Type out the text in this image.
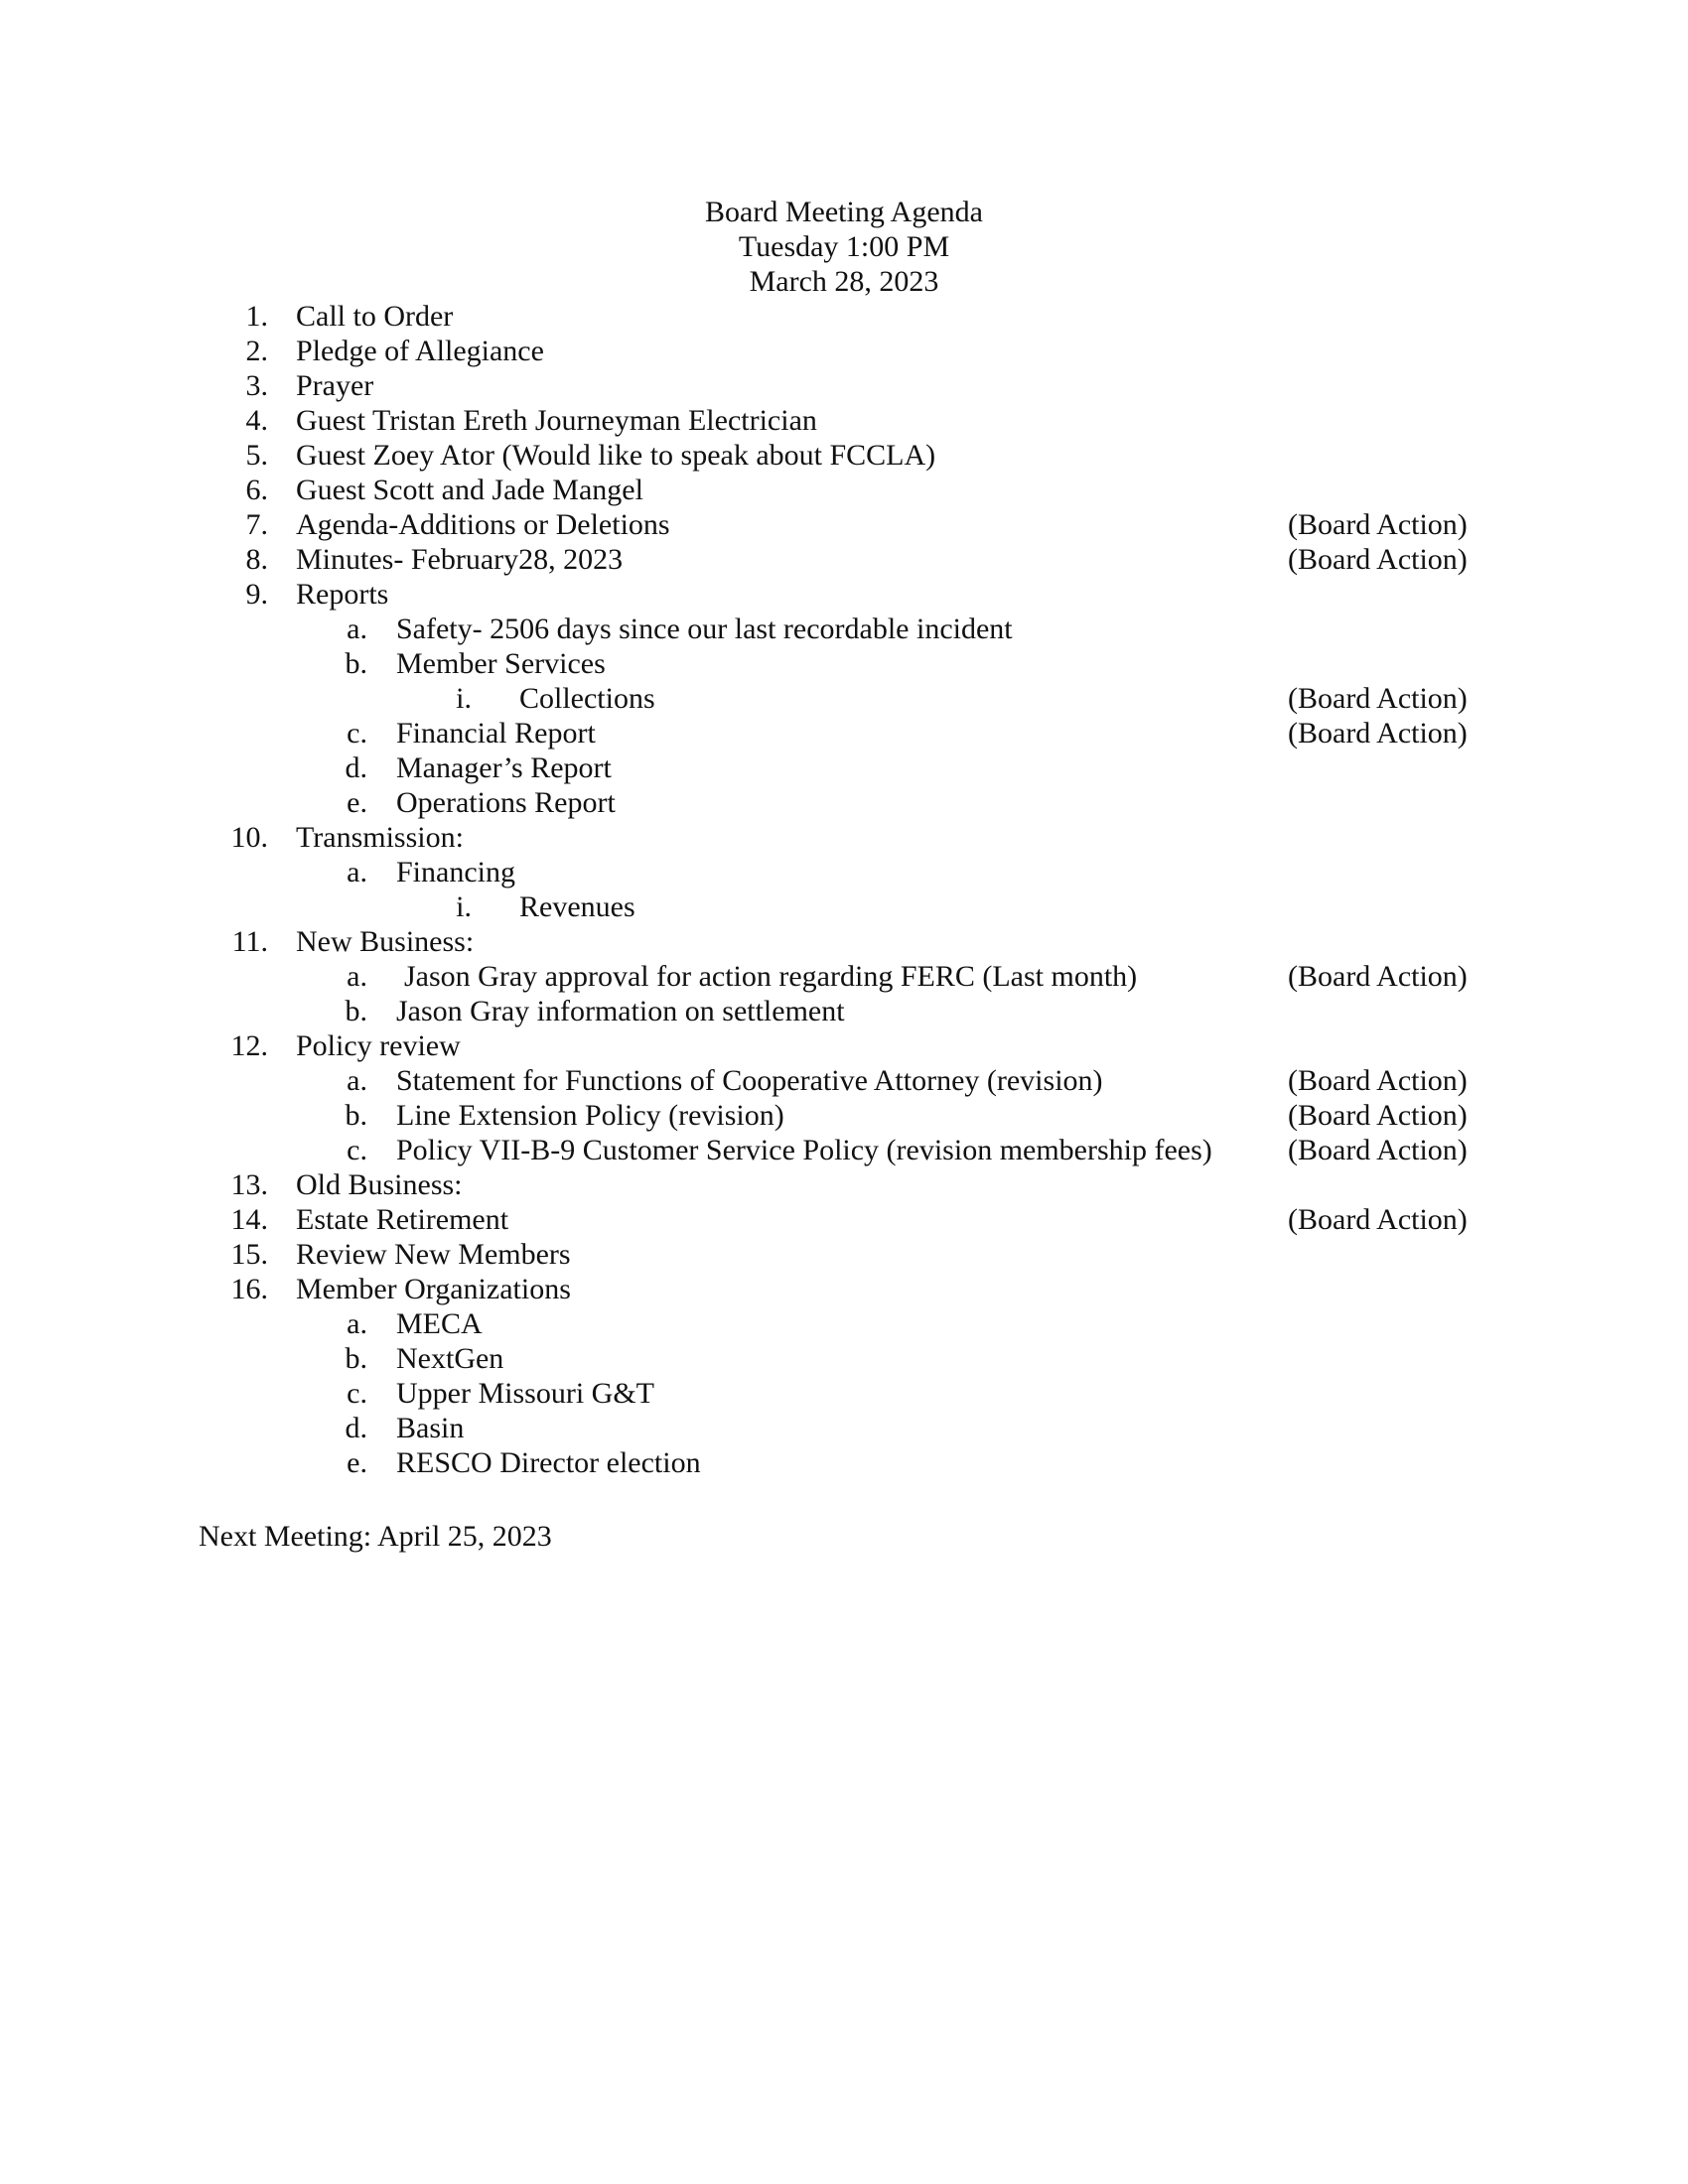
Board Meeting Agenda
Tuesday 1:00 PM
March 28, 2023
1. Call to Order
2. Pledge of Allegiance
3. Prayer
4. Guest Tristan Ereth Journeyman Electrician
5. Guest Zoey Ator (Would like to speak about FCCLA)
6. Guest Scott and Jade Mangel
7. Agenda-Additions or Deletions	(Board Action)
8. Minutes- February28, 2023	(Board Action)
9. Reports
a. Safety- 2506 days since our last recordable incident
b. Member Services
i. Collections	(Board Action)
c. Financial Report	(Board Action)
d. Manager’s Report
e. Operations Report
10. Transmission:
a. Financing
i. Revenues
11. New Business:
a. Jason Gray approval for action regarding FERC (Last month)	(Board Action)
b. Jason Gray information on settlement
12. Policy review
a. Statement for Functions of Cooperative Attorney (revision)	(Board Action)
b. Line Extension Policy (revision)	(Board Action)
c. Policy VII-B-9 Customer Service Policy (revision membership fees)	(Board Action)
13. Old Business:
14. Estate Retirement	(Board Action)
15. Review New Members
16. Member Organizations
a. MECA
b. NextGen
c. Upper Missouri G&T
d. Basin
e. RESCO Director election
Next Meeting: April 25, 2023
